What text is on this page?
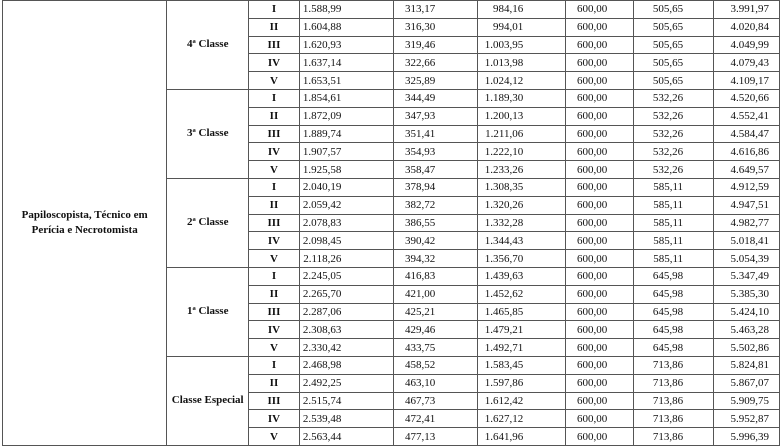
Papiloscopista, Técnico em Perícia e Necrotomista	4ª Classe	I	1.588,99	313,17	984,16	600,00	505,65	3.991,97
		II	1.604,88	316,30	994,01	600,00	505,65	4.020,84
		III	1.620,93	319,46	1.003,95	600,00	505,65	4.049,99
		IV	1.637,14	322,66	1.013,98	600,00	505,65	4.079,43
		V	1.653,51	325,89	1.024,12	600,00	505,65	4.109,17
	3ª Classe	I	1.854,61	344,49	1.189,30	600,00	532,26	4.520,66
		II	1.872,09	347,93	1.200,13	600,00	532,26	4.552,41
		III	1.889,74	351,41	1.211,06	600,00	532,26	4.584,47
		IV	1.907,57	354,93	1.222,10	600,00	532,26	4.616,86
		V	1.925,58	358,47	1.233,26	600,00	532,26	4.649,57
	2ª Classe	I	2.040,19	378,94	1.308,35	600,00	585,11	4.912,59
		II	2.059,42	382,72	1.320,26	600,00	585,11	4.947,51
		III	2.078,83	386,55	1.332,28	600,00	585,11	4.982,77
		IV	2.098,45	390,42	1.344,43	600,00	585,11	5.018,41
		V	2.118,26	394,32	1.356,70	600,00	585,11	5.054,39
	1ª Classe	I	2.245,05	416,83	1.439,63	600,00	645,98	5.347,49
		II	2.265,70	421,00	1.452,62	600,00	645,98	5.385,30
		III	2.287,06	425,21	1.465,85	600,00	645,98	5.424,10
		IV	2.308,63	429,46	1.479,21	600,00	645,98	5.463,28
		V	2.330,42	433,75	1.492,71	600,00	645,98	5.502,86
	Classe Especial	I	2.468,98	458,52	1.583,45	600,00	713,86	5.824,81
		II	2.492,25	463,10	1.597,86	600,00	713,86	5.867,07
		III	2.515,74	467,73	1.612,42	600,00	713,86	5.909,75
		IV	2.539,48	472,41	1.627,12	600,00	713,86	5.952,87
		V	2.563,44	477,13	1.641,96	600,00	713,86	5.996,39
